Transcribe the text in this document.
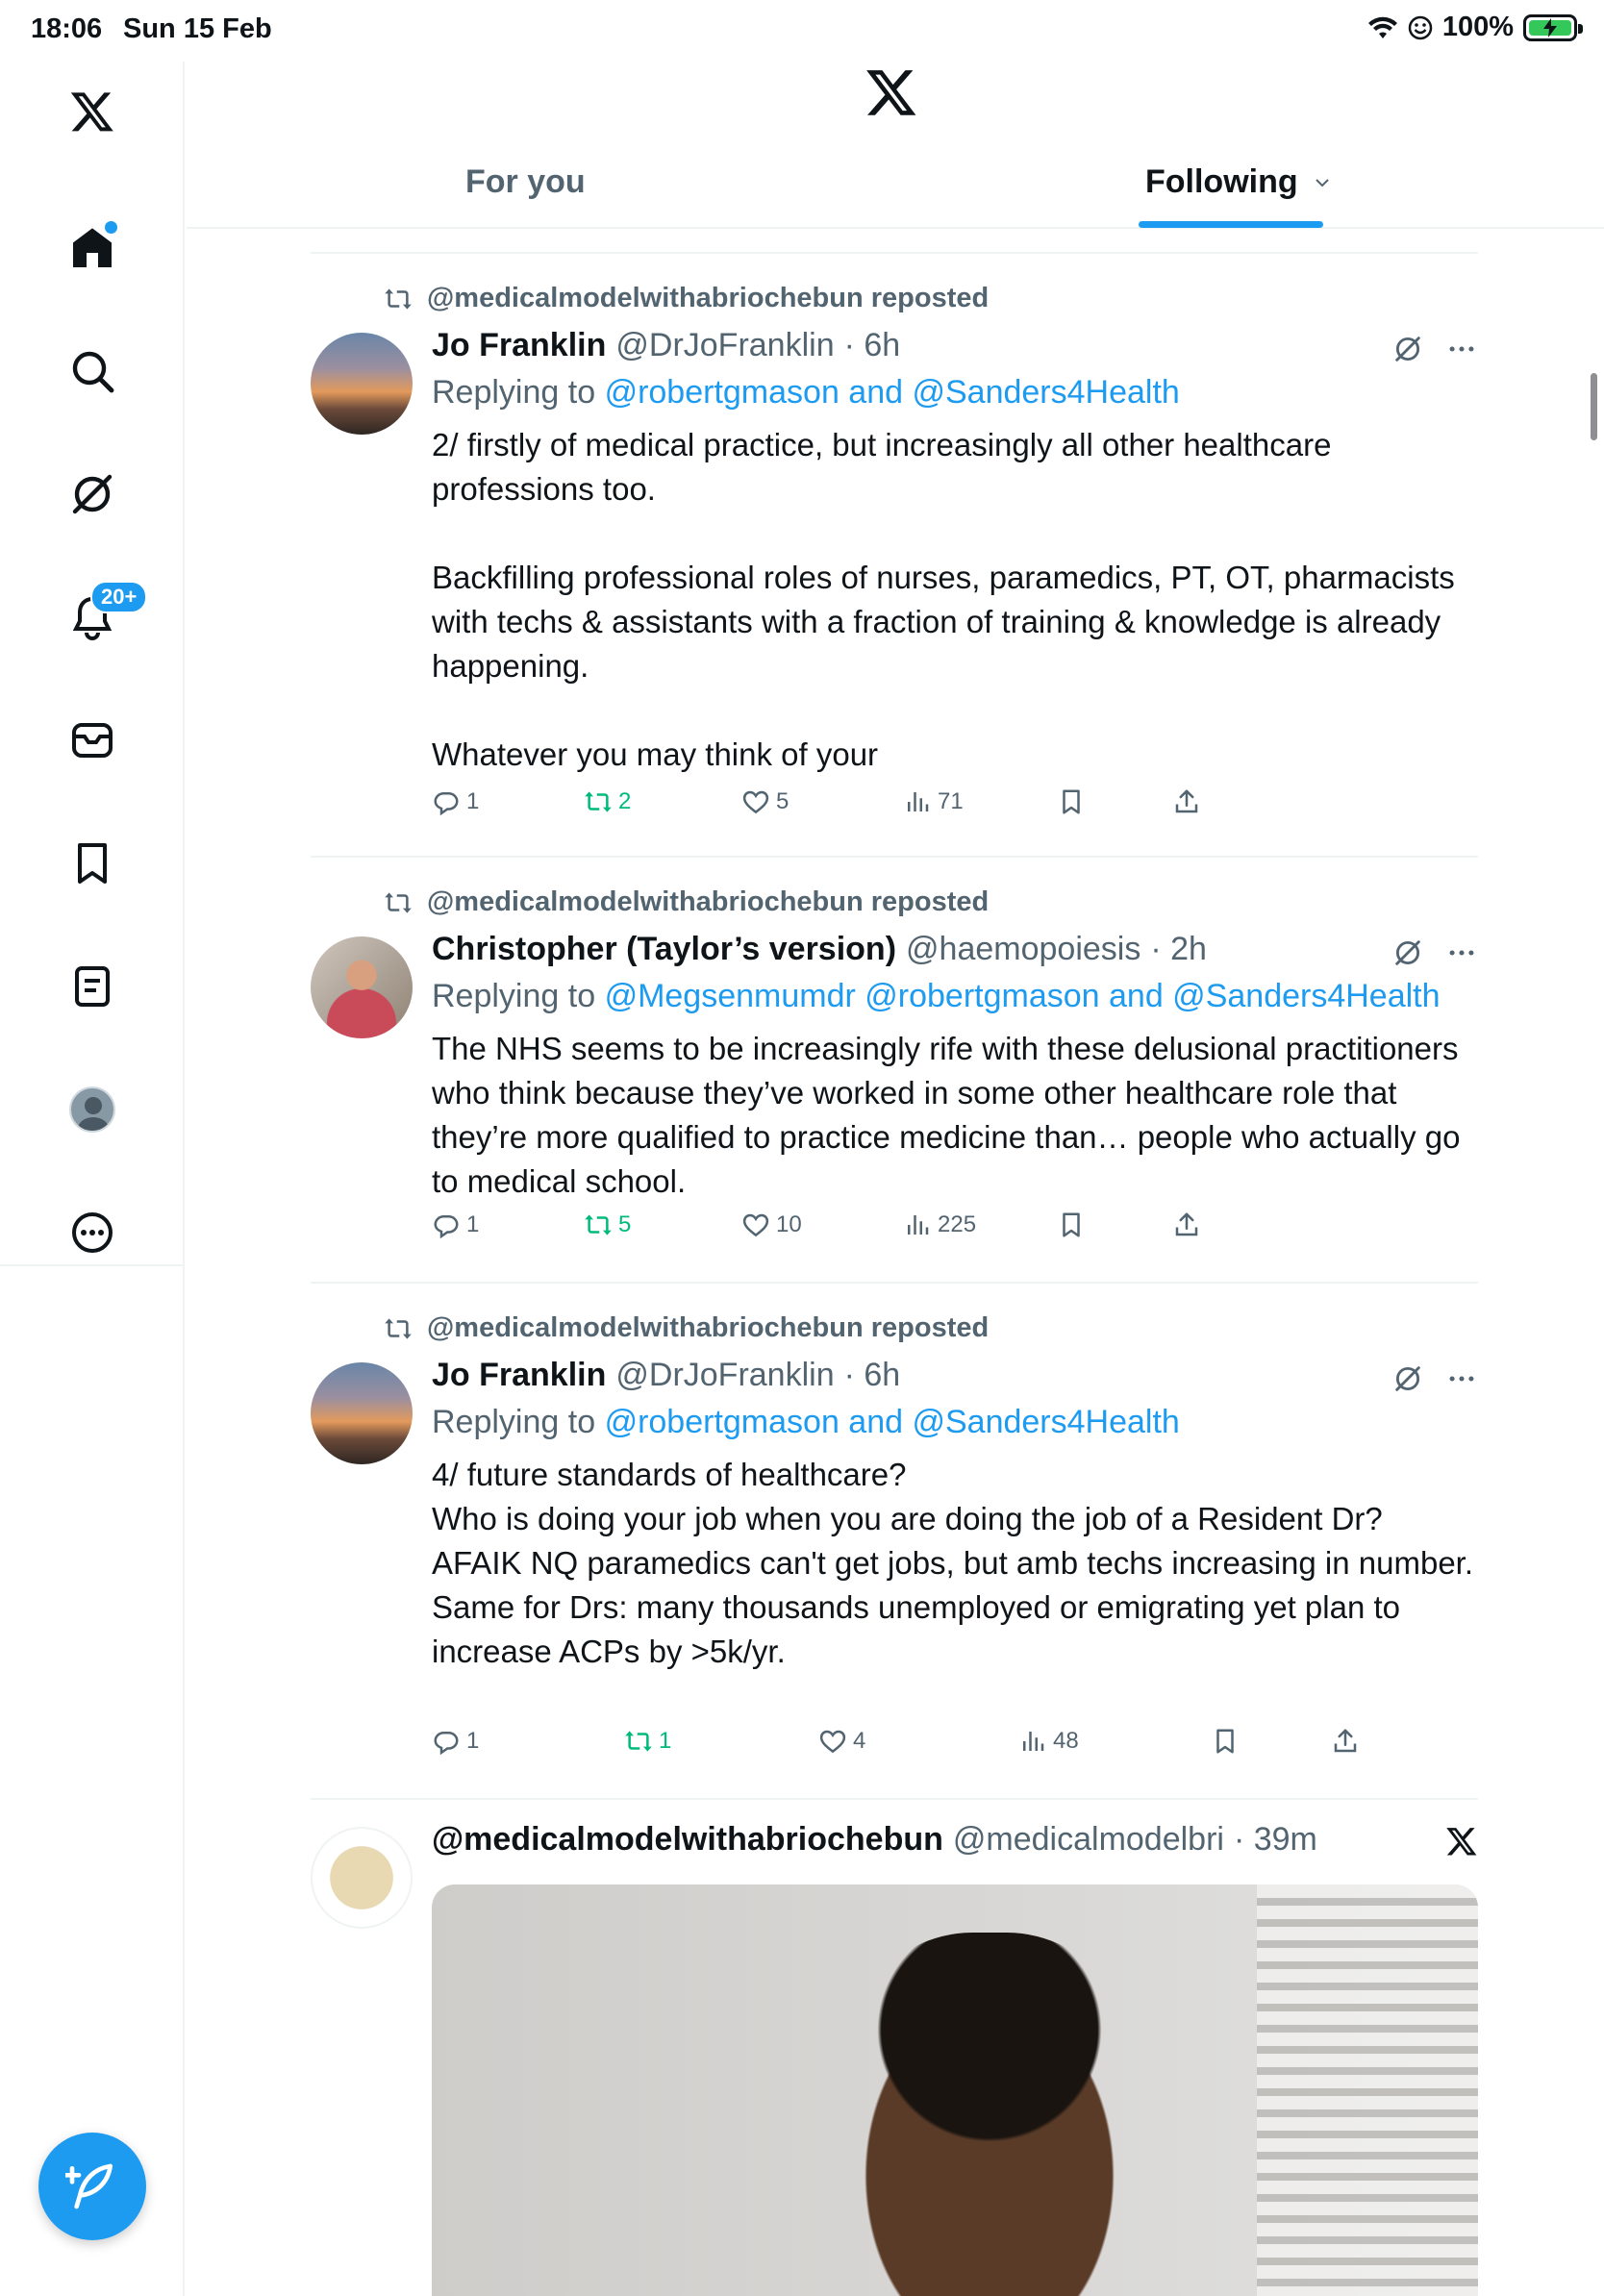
18:06 Sun 15 Feb	100%
20+
For you	Following
@medicalmodelwithabriochebun reposted
Jo Franklin @DrJoFranklin · 6h
Replying to @robertgmason and @Sanders4Health

2/ firstly of medical practice, but increasingly all other healthcare professions too.

Backfilling professional roles of nurses, paramedics, PT, OT, pharmacists with techs & assistants with a fraction of training & knowledge is already happening.

Whatever you may think of your

1	2	5	71
@medicalmodelwithabriochebun reposted
Christopher (Taylor’s version) @haemopoiesis · 2h
Replying to @Megsenmumdr @robertgmason and @Sanders4Health

The NHS seems to be increasingly rife with these delusional practitioners who think because they’ve worked in some other healthcare role that they’re more qualified to practice medicine than… people who actually go to medical school.

1	5	10	225
@medicalmodelwithabriochebun reposted
Jo Franklin @DrJoFranklin · 6h
Replying to @robertgmason and @Sanders4Health

4/ future standards of healthcare?

Who is doing your job when you are doing the job of a Resident Dr?

AFAIK NQ paramedics can't get jobs, but amb techs increasing in number.

Same for Drs: many thousands unemployed or emigrating yet plan to increase ACPs by >5k/yr.

1	1	4	48
@medicalmodelwithabriochebun @medicalmodelbri · 39m
